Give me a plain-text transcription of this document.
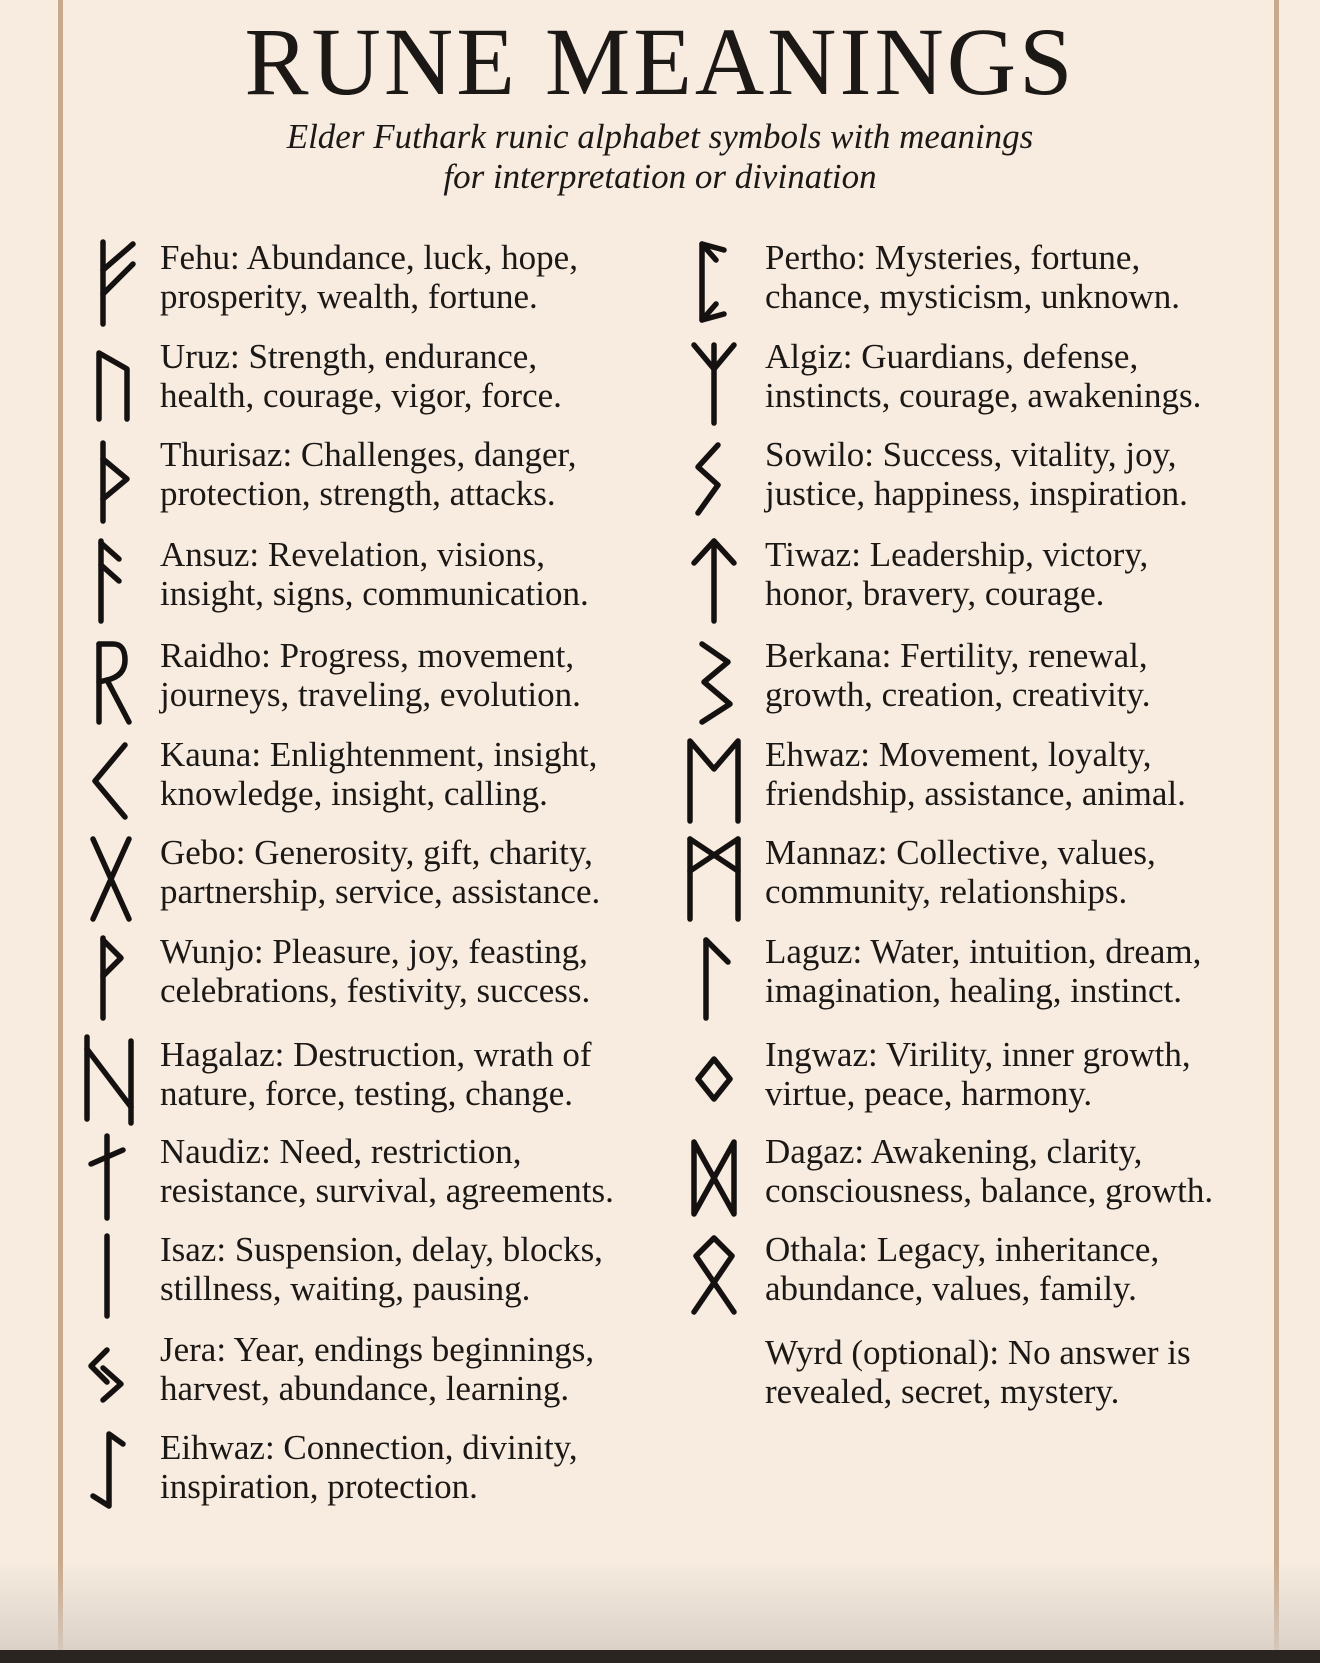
RUNE MEANINGS

Elder Futhark runic alphabet symbols with meanings

for interpretation or divination

Fehu: Abundance, luck, hope,
prosperity, wealth, fortune.
Uruz: Strength, endurance,
health, courage, vigor, force.
Thurisaz: Challenges, danger,
protection, strength, attacks.
Ansuz: Revelation, visions,
insight, signs, communication.
Raidho: Progress, movement,
journeys, traveling, evolution.
Kauna: Enlightenment, insight,
knowledge, insight, calling.
Gebo: Generosity, gift, charity,
partnership, service, assistance.
Wunjo: Pleasure, joy, feasting,
celebrations, festivity, success.
Hagalaz: Destruction, wrath of
nature, force, testing, change.
Naudiz: Need, restriction,
resistance, survival, agreements.
Isaz: Suspension, delay, blocks,
stillness, waiting, pausing.
Jera: Year, endings beginnings,
harvest, abundance, learning.
Eihwaz: Connection, divinity,
inspiration, protection.
Pertho: Mysteries, fortune,
chance, mysticism, unknown.
Algiz: Guardians, defense,
instincts, courage, awakenings.
Sowilo: Success, vitality, joy,
justice, happiness, inspiration.
Tiwaz: Leadership, victory,
honor, bravery, courage.
Berkana: Fertility, renewal,
growth, creation, creativity.
Ehwaz: Movement, loyalty,
friendship, assistance, animal.
Mannaz: Collective, values,
community, relationships.
Laguz: Water, intuition, dream,
imagination, healing, instinct.
Ingwaz: Virility, inner growth,
virtue, peace, harmony.
Dagaz: Awakening, clarity,
consciousness, balance, growth.
Othala: Legacy, inheritance,
abundance, values, family.
Wyrd (optional): No answer is
revealed, secret, mystery.
